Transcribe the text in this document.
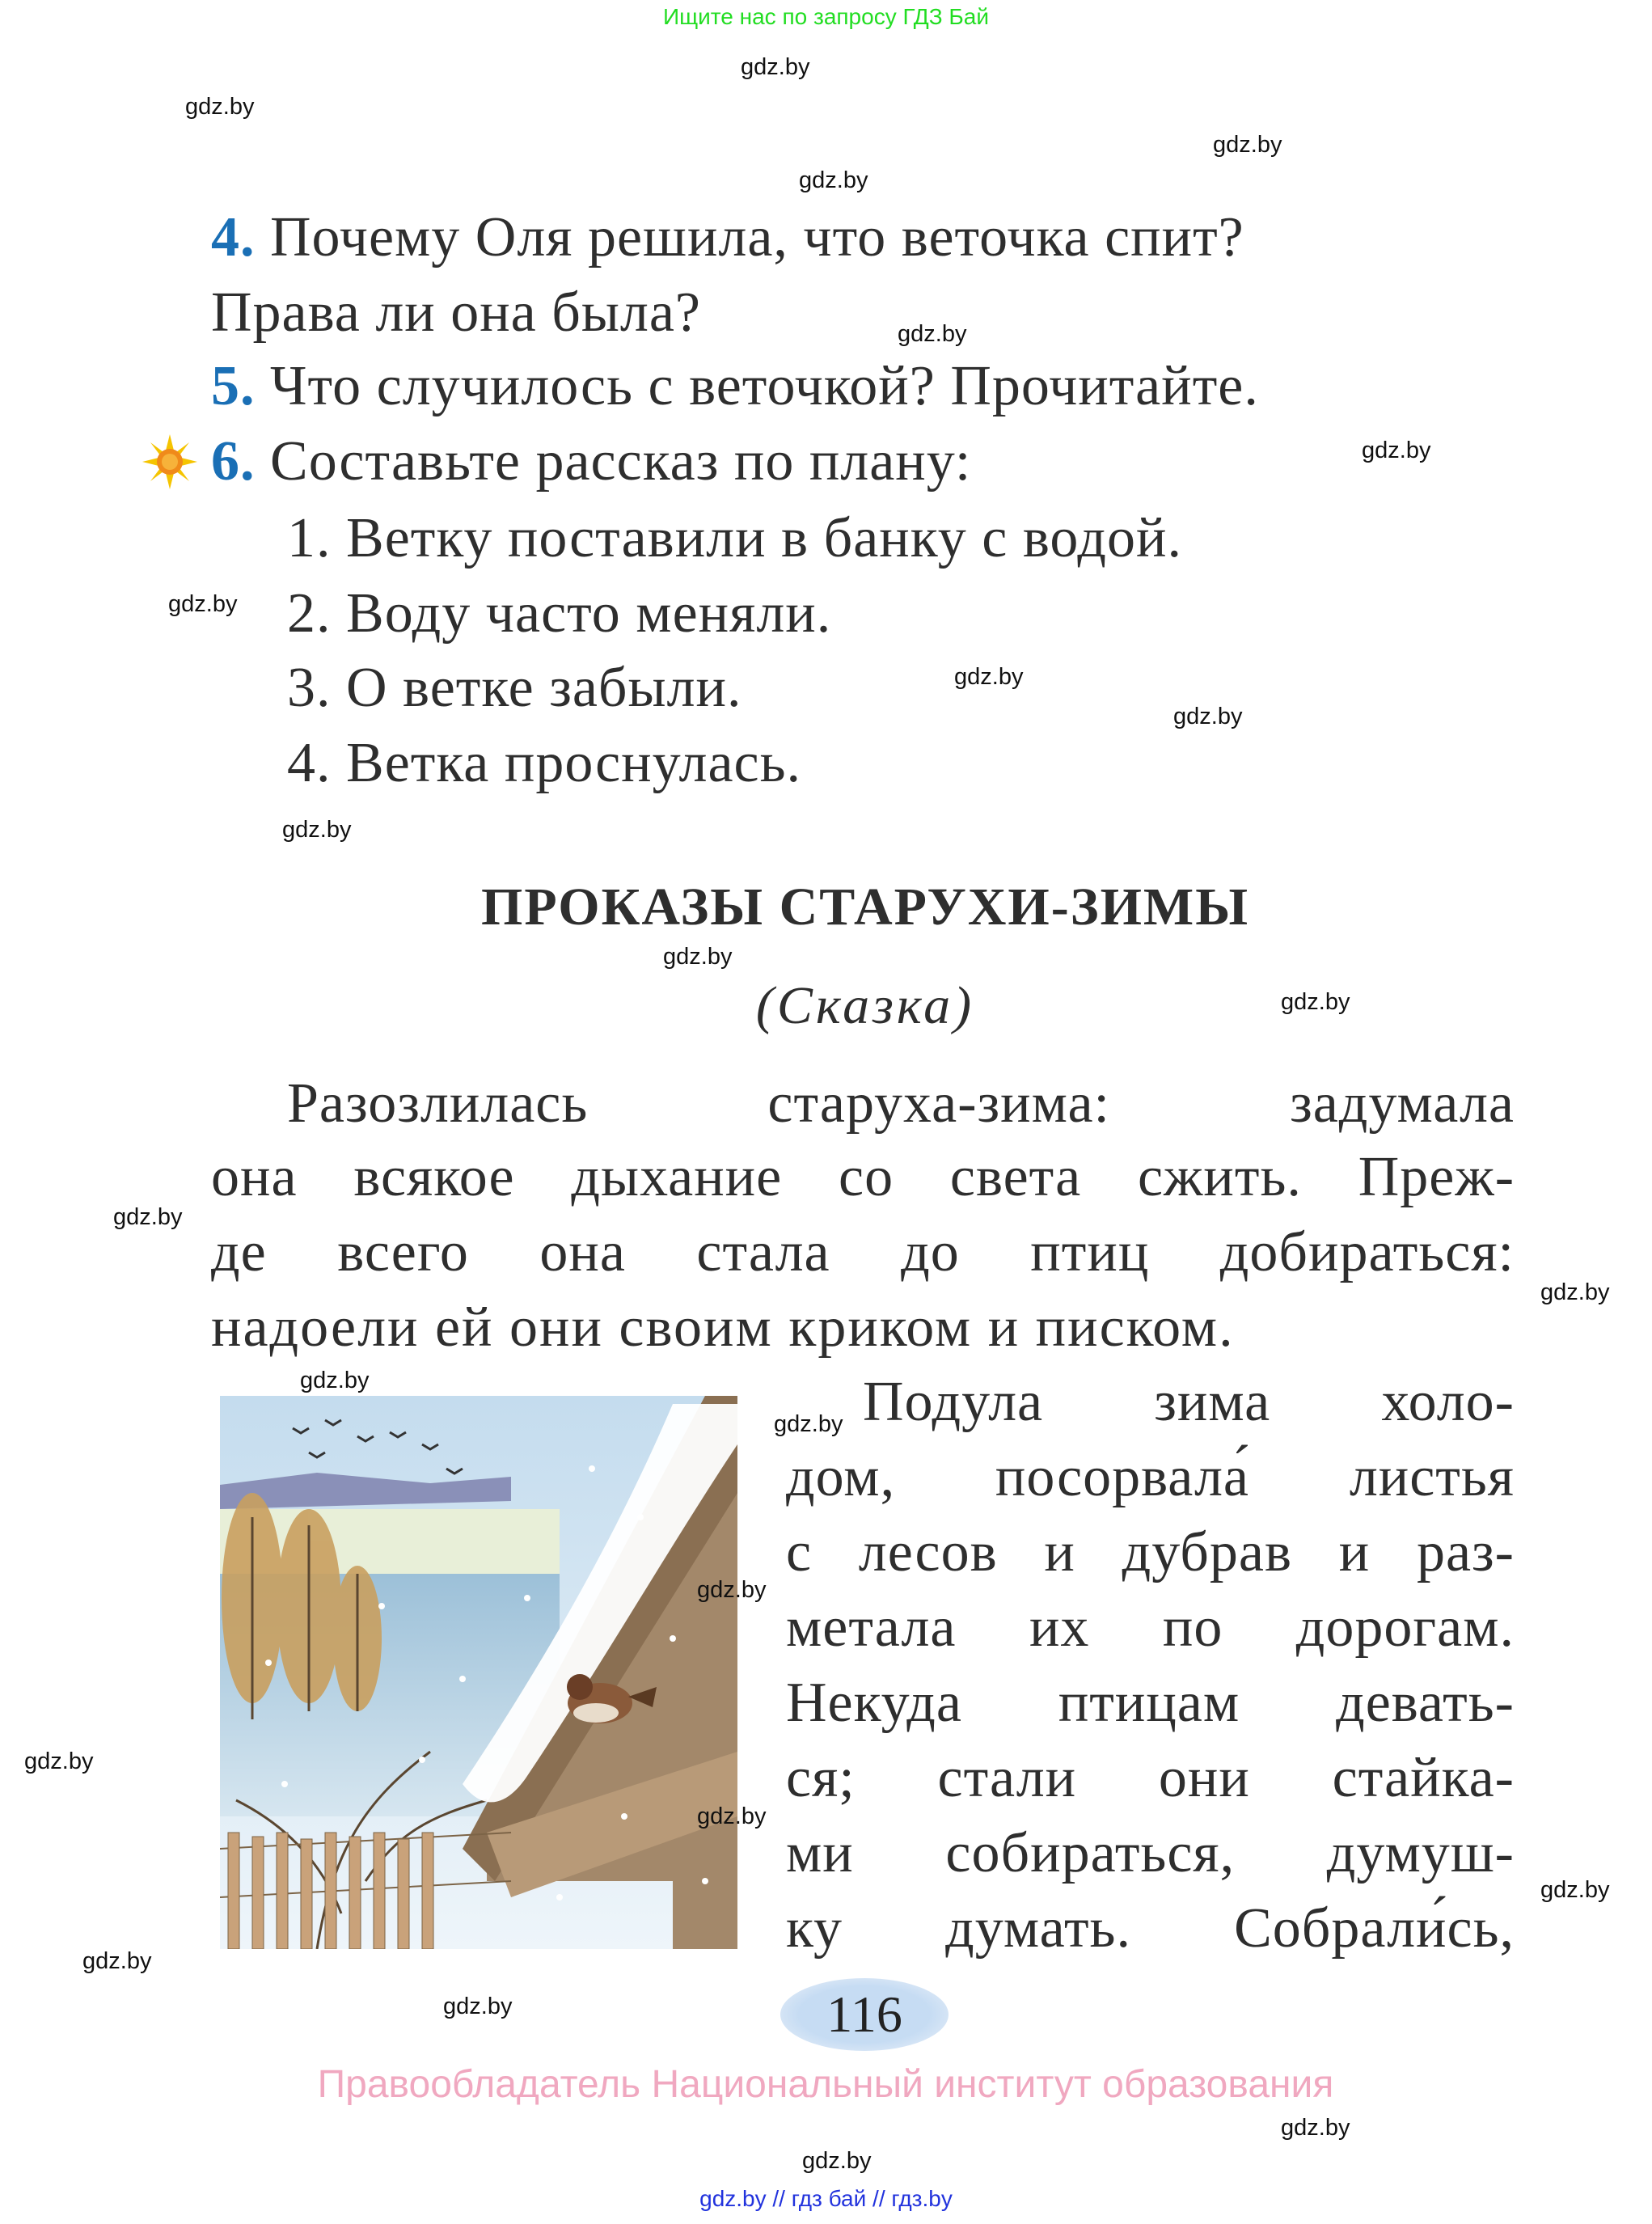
Ищите нас по запросу ГДЗ Бай
4. Почему Оля решила, что веточка спит?
Права ли она была?
5. Что случилось с веточкой? Прочитайте.
6. Составьте рассказ по плану:
1. Ветку поставили в банку с водой.
2. Воду часто меняли.
3. О ветке забыли.
4. Ветка проснулась.
ПРОКАЗЫ СТАРУХИ-ЗИМЫ
(Сказка)
Разозлилась старуха-зима: задумала
она всякое дыхание со света сжить. Преж-
де всего она стала до птиц добираться:
надоели ей они своим криком и писком.
Подула зима холо-
дом, посорвала́ листья
с лесов и дубрав и раз-
метала их по дорогам.
Некуда птицам девать-
ся; стали они стайка-
ми собираться, думуш-
ку думать. Собрали́сь,
116
Правообладатель Национальный институт образования
gdz.by // гдз бай // гдз.by
gdz.by
gdz.by
gdz.by
gdz.by
gdz.by
gdz.by
gdz.by
gdz.by
gdz.by
gdz.by
gdz.by
gdz.by
gdz.by
gdz.by
gdz.by
gdz.by
gdz.by
gdz.by
gdz.by
gdz.by
gdz.by
gdz.by
gdz.by
gdz.by
